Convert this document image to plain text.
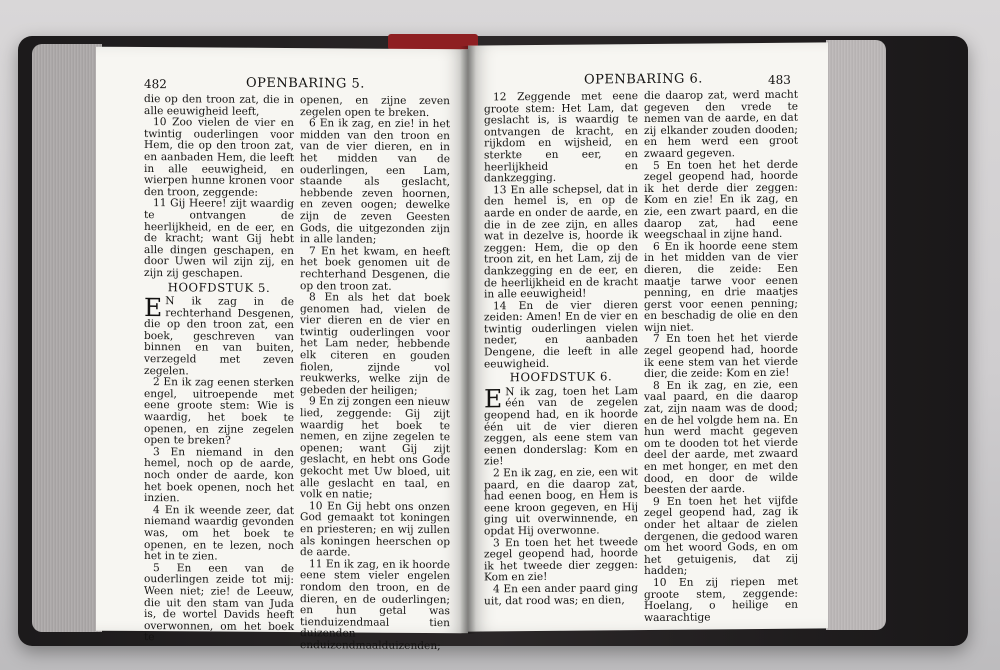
482	OPENBARING 5.

die op den troon zat, die in alle eeuwigheid leeft,

10 Zoo vielen de vier en twintig ouderlingen voor Hem, die op den troon zat, en aanbaden Hem, die leeft in alle eeuwigheid, en wierpen hunne kronen voor den troon, zeggende:

11 Gij Heere! zijt waardig te ontvangen de heerlijkheid, en de eer, en de kracht; want Gij hebt alle dingen geschapen, en door Uwen wil zijn zij, en zijn zij geschapen.

HOOFDSTUK 5.

E N ik zag in de rechterhand Desgenen, die op den troon zat, een boek, geschreven van binnen en van buiten, verzegeld met zeven zegelen.

2 En ik zag eenen sterken engel, uitroepende met eene groote stem: Wie is waardig, het boek te openen, en zijne zegelen open te breken?

3 En niemand in den hemel, noch op de aarde, noch onder de aarde, kon het boek openen, noch het inzien.

4 En ik weende zeer, dat niemand waardig gevonden was, om het boek te openen, en te lezen, noch het in te zien.

5 En een van de ouderlingen zeide tot mij: Ween niet; zie! de Leeuw, die uit den stam van Juda is, de wortel Davids heeft overwonnen, om het boek te

openen, en zijne zeven zegelen open te breken.

6 En ik zag, en zie! in het midden van den troon en van de vier dieren, en in het midden van de ouderlingen, een Lam, staande als geslacht, hebbende zeven hoornen, en zeven oogen; dewelke zijn de zeven Geesten Gods, die uitgezonden zijn in alle landen;

7 En het kwam, en heeft het boek genomen uit de rechterhand Desgenen, die op den troon zat.

8 En als het dat boek genomen had, vielen de vier dieren en de vier en twintig ouderlingen voor het Lam neder, hebbende elk citeren en gouden fiolen, zijnde vol reukwerks, welke zijn de gebeden der heiligen;

9 En zij zongen een nieuw lied, zeggende: Gij zijt waardig het boek te nemen, en zijne zegelen te openen; want Gij zijt geslacht, en hebt ons Gode gekocht met Uw bloed, uit alle geslacht en taal, en volk en natie;

10 En Gij hebt ons onzen God gemaakt tot koningen en priesteren; en wij zullen als koningen heerschen op de aarde.

11 En ik zag, en ik hoorde eene stem vieler engelen rondom den troon, en de dieren, en de ouderlingen; en hun getal was tienduizendmaal tien duizenden enduizendmaalduizenden;

OPENBARING 6.	483

12 Zeggende met eene groote stem: Het Lam, dat geslacht is, is waardig te ontvangen de kracht, en rijkdom en wijsheid, en sterkte en eer, en heerlijkheid en dankzegging.

13 En alle schepsel, dat in den hemel is, en op de aarde en onder de aarde, en die in de zee zijn, en alles wat in dezelve is, hoorde ik zeggen: Hem, die op den troon zit, en het Lam, zij de dankzegging en de eer, en de heerlijkheid en de kracht in alle eeuwigheid!

14 En de vier dieren zeiden: Amen! En de vier en twintig ouderlingen vielen neder, en aanbaden Dengene, die leeft in alle eeuwigheid.

HOOFDSTUK 6.

E N ik zag, toen het Lam één van de zegelen geopend had, en ik hoorde één uit de vier dieren zeggen, als eene stem van eenen donderslag: Kom en zie!

2 En ik zag, en zie, een wit paard, en die daarop zat, had eenen boog, en Hem is eene kroon gegeven, en Hij ging uit overwinnende, en opdat Hij overwonne.

3 En toen het het tweede zegel geopend had, hoorde ik het tweede dier zeggen: Kom en zie!

4 En een ander paard ging uit, dat rood was; en dien,

die daarop zat, werd macht gegeven den vrede te nemen van de aarde, en dat zij elkander zouden dooden; en hem werd een groot zwaard gegeven.

5 En toen het het derde zegel geopend had, hoorde ik het derde dier zeggen: Kom en zie! En ik zag, en zie, een zwart paard, en die daarop zat, had eene weegschaal in zijne hand.

6 En ik hoorde eene stem in het midden van de vier dieren, die zeide: Een maatje tarwe voor eenen penning, en drie maatjes gerst voor eenen penning; en beschadig de olie en den wijn niet.

7 En toen het het vierde zegel geopend had, hoorde ik eene stem van het vierde dier, die zeide: Kom en zie!

8 En ik zag, en zie, een vaal paard, en die daarop zat, zijn naam was de dood; en de hel volgde hem na. En hun werd macht gegeven om te dooden tot het vierde deel der aarde, met zwaard en met honger, en met den dood, en door de wilde beesten der aarde.

9 En toen het het vijfde zegel geopend had, zag ik onder het altaar de zielen dergenen, die gedood waren om het woord Gods, en om het getuigenis, dat zij hadden;

10 En zij riepen met groote stem, zeggende: Hoelang, o heilige en waarachtige
